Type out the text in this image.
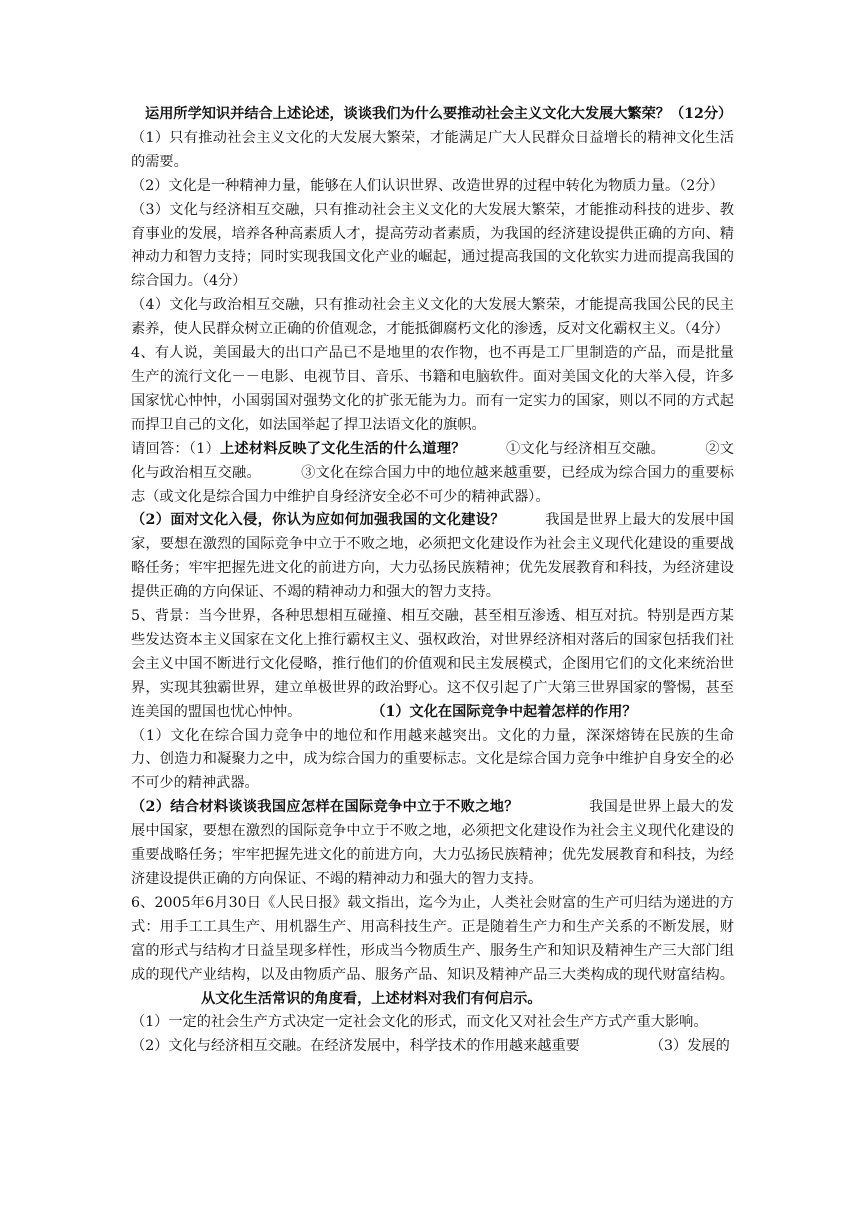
运用所学知识并结合上述论述，谈谈我们为什么要推动社会主义文化大发展大繁荣？（12分）

（1）只有推动社会主义文化的大发展大繁荣，才能满足广大人民群众日益增长的精神文化生活的需要。

（2）文化是一种精神力量，能够在人们认识世界、改造世界的过程中转化为物质力量。（2分）

（3）文化与经济相互交融，只有推动社会主义文化的大发展大繁荣，才能推动科技的进步、教育事业的发展，培养各种高素质人才，提高劳动者素质，为我国的经济建设提供正确的方向、精神动力和智力支持；同时实现我国文化产业的崛起，通过提高我国的文化软实力进而提高我国的综合国力。（4分）

（4）文化与政治相互交融，只有推动社会主义文化的大发展大繁荣，才能提高我国公民的民主素养，使人民群众树立正确的价值观念，才能抵御腐朽文化的渗透，反对文化霸权主义。（4分）

4、有人说，美国最大的出口产品已不是地里的农作物，也不再是工厂里制造的产品，而是批量生产的流行文化－－电影、电视节目、音乐、书籍和电脑软件。面对美国文化的大举入侵，许多国家忧心忡忡，小国弱国对强势文化的扩张无能为力。而有一定实力的国家，则以不同的方式起而捍卫自己的文化，如法国举起了捍卫法语文化的旗帜。

请回答：（1）上述材料反映了文化生活的什么道理？	①文化与经济相互交融。	②文化与政治相互交融。	③文化在综合国力中的地位越来越重要，已经成为综合国力的重要标志（或文化是综合国力中维护自身经济安全必不可少的精神武器）。

（2）面对文化入侵，你认为应如何加强我国的文化建设？	我国是世界上最大的发展中国家，要想在激烈的国际竞争中立于不败之地，必须把文化建设作为社会主义现代化建设的重要战略任务；牢牢把握先进文化的前进方向，大力弘扬民族精神；优先发展教育和科技，为经济建设提供正确的方向保证、不竭的精神动力和强大的智力支持。

5、背景：当今世界，各种思想相互碰撞、相互交融，甚至相互渗透、相互对抗。特别是西方某些发达资本主义国家在文化上推行霸权主义、强权政治，对世界经济相对落后的国家包括我们社会主义中国不断进行文化侵略，推行他们的价值观和民主发展模式，企图用它们的文化来统治世界，实现其独霸世界，建立单极世界的政治野心。这不仅引起了广大第三世界国家的警惕，甚至连美国的盟国也忧心忡忡。	（1）文化在国际竞争中起着怎样的作用？

（1）文化在综合国力竞争中的地位和作用越来越突出。文化的力量，深深熔铸在民族的生命力、创造力和凝聚力之中，成为综合国力的重要标志。文化是综合国力竞争中维护自身安全的必不可少的精神武器。

（2）结合材料谈谈我国应怎样在国际竞争中立于不败之地？	我国是世界上最大的发展中国家，要想在激烈的国际竞争中立于不败之地，必须把文化建设作为社会主义现代化建设的重要战略任务；牢牢把握先进文化的前进方向，大力弘扬民族精神；优先发展教育和科技，为经济建设提供正确的方向保证、不竭的精神动力和强大的智力支持。

6、2005年6月30日《人民日报》载文指出，迄今为止，人类社会财富的生产可归结为递进的方式：用手工工具生产、用机器生产、用高科技生产。正是随着生产力和生产关系的不断发展，财富的形式与结构才日益呈现多样性，形成当今物质生产、服务生产和知识及精神生产三大部门组成的现代产业结构，以及由物质产品、服务产品、知识及精神产品三大类构成的现代财富结构。从文化生活常识的角度看，上述材料对我们有何启示。

（1）一定的社会生产方式决定一定社会文化的形式，而文化又对社会生产方式产重大影响。

（2）文化与经济相互交融。在经济发展中，科学技术的作用越来越重要	（3）发展的
